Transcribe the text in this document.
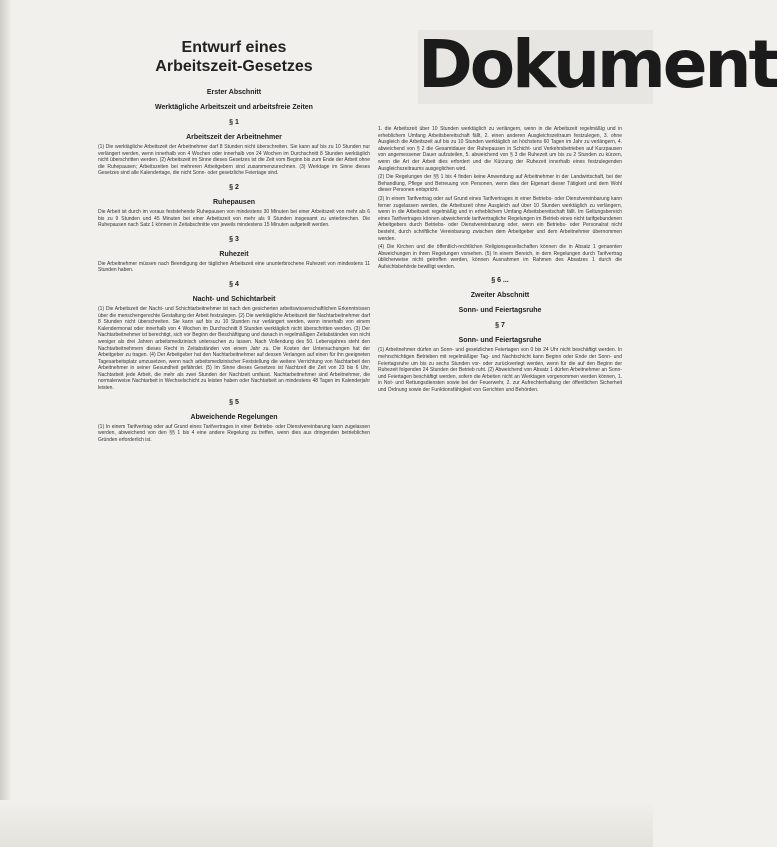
Dokument
Entwurf eines
Arbeitszeit-Gesetzes
Erster Abschnitt
Werktägliche Arbeitszeit und arbeitsfreie Zeiten
§ 1
Arbeitszeit der Arbeitnehmer

(1) Die werktägliche Arbeitszeit der Arbeitnehmer darf 8 Stunden nicht überschreiten. Sie kann auf bis zu 10 Stunden nur verlängert werden, wenn innerhalb von 4 Wochen oder innerhalb von 24 Wochen im Durchschnitt 8 Stunden werktäglich nicht überschritten werden. (2) Arbeitszeit im Sinne dieses Gesetzes ist die Zeit vom Beginn bis zum Ende der Arbeit ohne die Ruhepausen; Arbeitszeiten bei mehreren Arbeitgebern sind zusammenzurechnen. (3) Werktage im Sinne dieses Gesetzes sind alle Kalendertage, die nicht Sonn- oder gesetzliche Feiertage sind.

§ 2
Ruhepausen

Die Arbeit ist durch im voraus feststehende Ruhepausen von mindestens 30 Minuten bei einer Arbeitszeit von mehr als 6 bis zu 9 Stunden und 45 Minuten bei einer Arbeitszeit von mehr als 9 Stunden insgesamt zu unterbrechen. Die Ruhepausen nach Satz 1 können in Zeitabschnitte von jeweils mindestens 15 Minuten aufgeteilt werden.

§ 3
Ruhezeit

Die Arbeitnehmer müssen nach Beendigung der täglichen Arbeitszeit eine ununterbrochene Ruhezeit von mindestens 11 Stunden haben.

§ 4
Nacht- und Schichtarbeit

(1) Die Arbeitszeit der Nacht- und Schichtarbeitnehmer ist nach den gesicherten arbeitswissenschaftlichen Erkenntnissen über die menschengerechte Gestaltung der Arbeit festzulegen. (2) Die werktägliche Arbeitszeit der Nachtarbeitnehmer darf 8 Stunden nicht überschreiten. Sie kann auf bis zu 10 Stunden nur verlängert werden, wenn innerhalb von einem Kalendermonat oder innerhalb von 4 Wochen im Durchschnitt 8 Stunden werktäglich nicht überschritten werden. (3) Der Nachtarbeitnehmer ist berechtigt, sich vor Beginn der Beschäftigung und danach in regelmäßigen Zeitabständen von nicht weniger als drei Jahren arbeitsmedizinisch untersuchen zu lassen. Nach Vollendung des 50. Lebensjahres steht den Nachtarbeitnehmern dieses Recht in Zeitabständen von einem Jahr zu. Die Kosten der Untersuchungen hat der Arbeitgeber zu tragen. (4) Der Arbeitgeber hat den Nachtarbeitnehmer auf dessen Verlangen auf einen für ihn geeigneten Tagesarbeitsplatz umzusetzen, wenn nach arbeitsmedizinischer Feststellung die weitere Verrichtung von Nachtarbeit den Arbeitnehmer in seiner Gesundheit gefährdet. (5) Im Sinne dieses Gesetzes ist Nachtzeit die Zeit von 23 bis 6 Uhr, Nachtarbeit jede Arbeit, die mehr als zwei Stunden der Nachtzeit umfasst. Nachtarbeitnehmer sind Arbeitnehmer, die normalerweise Nachtarbeit in Wechselschicht zu leisten haben oder Nachtarbeit an mindestens 48 Tagen im Kalenderjahr leisten.

§ 5
Abweichende Regelungen

(1) In einem Tarifvertrag oder auf Grund eines Tarifvertrages in einer Betriebs- oder Dienstvereinbarung kann zugelassen werden, abweichend von den §§ 1 bis 4 eine andere Regelung zu treffen, wenn dies aus dringenden betrieblichen Gründen erforderlich ist.

1. die Arbeitszeit über 10 Stunden werktäglich zu verlängern, wenn in die Arbeitszeit regelmäßig und in erheblichem Umfang Arbeitsbereitschaft fällt, 2. einen anderen Ausgleichszeitraum festzulegen, 3. ohne Ausgleich die Arbeitszeit auf bis zu 10 Stunden werktäglich an höchstens 60 Tagen im Jahr zu verlängern, 4. abweichend von § 2 die Gesamtdauer der Ruhepausen in Schicht- und Verkehrsbetrieben auf Kurzpausen von angemessener Dauer aufzuteilen, 5. abweichend von § 3 die Ruhezeit um bis zu 2 Stunden zu kürzen, wenn die Art der Arbeit dies erfordert und die Kürzung der Ruhezeit innerhalb eines festzulegenden Ausgleichszeitraums ausgeglichen wird.

(2) Die Regelungen der §§ 1 bis 4 finden keine Anwendung auf Arbeitnehmer in der Landwirtschaft, bei der Behandlung, Pflege und Betreuung von Personen, wenn dies der Eigenart dieser Tätigkeit und dem Wohl dieser Personen entspricht.

(3) In einem Tarifvertrag oder auf Grund eines Tarifvertrages in einer Betriebs- oder Dienstvereinbarung kann ferner zugelassen werden, die Arbeitszeit ohne Ausgleich auf über 10 Stunden werktäglich zu verlängern, wenn in die Arbeitszeit regelmäßig und in erheblichem Umfang Arbeitsbereitschaft fällt. Im Geltungsbereich eines Tarifvertrages können abweichende tarifvertragliche Regelungen im Betrieb eines nicht tarifgebundenen Arbeitgebers durch Betriebs- oder Dienstvereinbarung oder, wenn ein Betriebs- oder Personalrat nicht besteht, durch schriftliche Vereinbarung zwischen dem Arbeitgeber und dem Arbeitnehmer übernommen werden.

(4) Die Kirchen und die öffentlich-rechtlichen Religionsgesellschaften können die in Absatz 1 genannten Abweichungen in ihren Regelungen vorsehen. (5) In einem Bereich, in dem Regelungen durch Tarifvertrag üblicherweise nicht getroffen werden, können Ausnahmen im Rahmen des Absatzes 1 durch die Aufsichtsbehörde bewilligt werden.

§ 6 ...
Zweiter Abschnitt
Sonn- und Feiertagsruhe
§ 7
Sonn- und Feiertagsruhe

(1) Arbeitnehmer dürfen an Sonn- und gesetzlichen Feiertagen von 0 bis 24 Uhr nicht beschäftigt werden. In mehrschichtigen Betrieben mit regelmäßiger Tag- und Nachtschicht kann Beginn oder Ende der Sonn- und Feiertagsruhe um bis zu sechs Stunden vor- oder zurückverlegt werden, wenn für die auf den Beginn der Ruhezeit folgenden 24 Stunden der Betrieb ruht. (2) Abweichend von Absatz 1 dürfen Arbeitnehmer an Sonn- und Feiertagen beschäftigt werden, sofern die Arbeiten nicht an Werktagen vorgenommen werden können, 1. in Not- und Rettungsdiensten sowie bei der Feuerwehr, 2. zur Aufrechterhaltung der öffentlichen Sicherheit und Ordnung sowie der Funktionsfähigkeit von Gerichten und Behörden.
